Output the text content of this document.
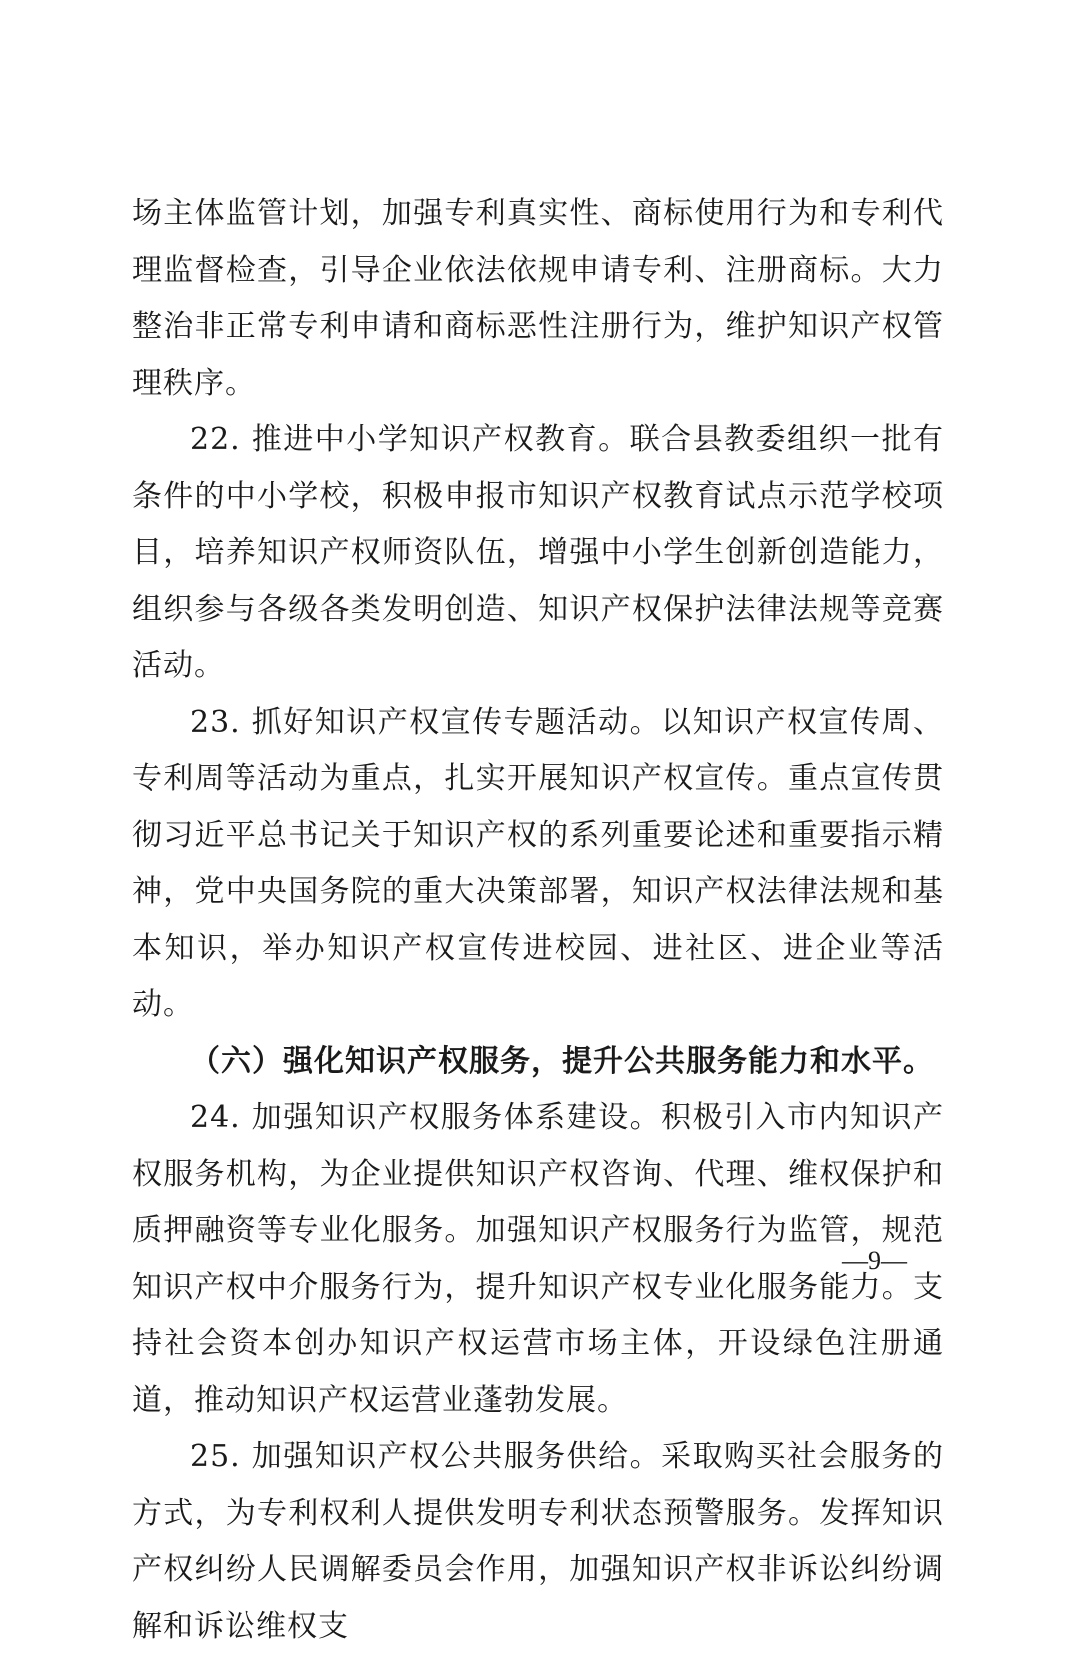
场主体监管计划，加强专利真实性、商标使用行为和专利代理监督检查，引导企业依法依规申请专利、注册商标。大力整治非正常专利申请和商标恶性注册行为，维护知识产权管理秩序。

22. 推进中小学知识产权教育。联合县教委组织一批有条件的中小学校，积极申报市知识产权教育试点示范学校项目，培养知识产权师资队伍，增强中小学生创新创造能力，组织参与各级各类发明创造、知识产权保护法律法规等竞赛活动。

23. 抓好知识产权宣传专题活动。以知识产权宣传周、专利周等活动为重点，扎实开展知识产权宣传。重点宣传贯彻习近平总书记关于知识产权的系列重要论述和重要指示精神，党中央国务院的重大决策部署，知识产权法律法规和基本知识，举办知识产权宣传进校园、进社区、进企业等活动。

（六）强化知识产权服务，提升公共服务能力和水平。

24. 加强知识产权服务体系建设。积极引入市内知识产权服务机构，为企业提供知识产权咨询、代理、维权保护和质押融资等专业化服务。加强知识产权服务行为监管，规范知识产权中介服务行为，提升知识产权专业化服务能力。支持社会资本创办知识产权运营市场主体，开设绿色注册通道，推动知识产权运营业蓬勃发展。

25. 加强知识产权公共服务供给。采取购买社会服务的方式，为专利权利人提供发明专利状态预警服务。发挥知识产权纠纷人民调解委员会作用，加强知识产权非诉讼纠纷调解和诉讼维权支

—9—
